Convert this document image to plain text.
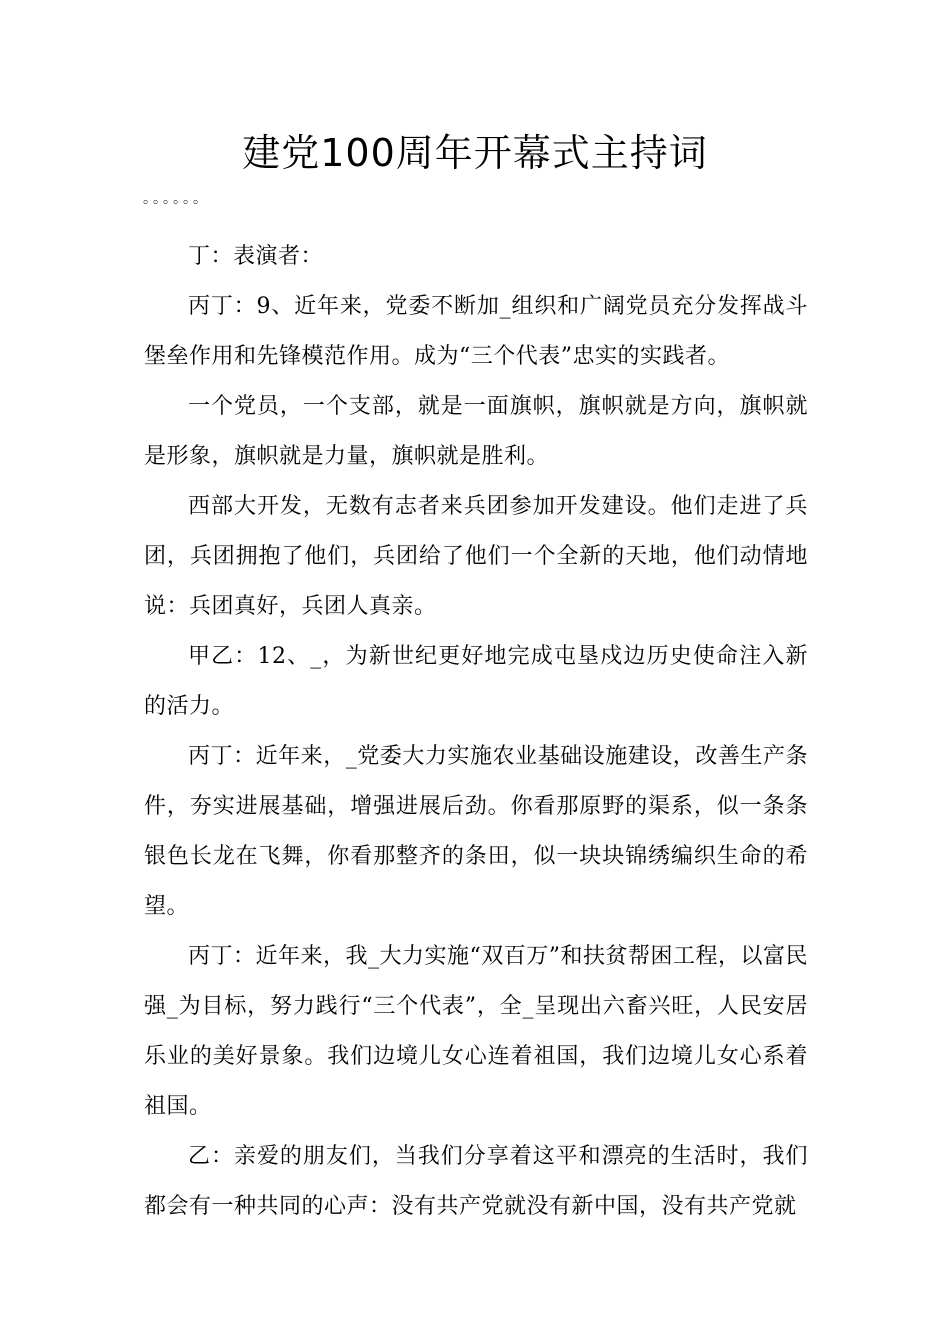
建党100周年开幕式主持词
。。。。。。

丁：表演者：

丙丁：9、近年来，党委不断加_组织和广阔党员充分发挥战斗堡垒作用和先锋模范作用。成为“三个代表”忠实的实践者。

一个党员，一个支部，就是一面旗帜，旗帜就是方向，旗帜就是形象，旗帜就是力量，旗帜就是胜利。

西部大开发，无数有志者来兵团参加开发建设。他们走进了兵团，兵团拥抱了他们，兵团给了他们一个全新的天地，他们动情地说：兵团真好，兵团人真亲。

甲乙：12、_，为新世纪更好地完成屯垦戍边历史使命注入新的活力。

丙丁：近年来，_党委大力实施农业基础设施建设，改善生产条件，夯实进展基础，增强进展后劲。你看那原野的渠系，似一条条银色长龙在飞舞，你看那整齐的条田，似一块块锦绣编织生命的希望。

丙丁：近年来，我_大力实施“双百万”和扶贫帮困工程，以富民强_为目标，努力践行“三个代表”，全_呈现出六畜兴旺，人民安居乐业的美好景象。我们边境儿女心连着祖国，我们边境儿女心系着祖国。

乙：亲爱的朋友们，当我们分享着这平和漂亮的生活时，我们都会有一种共同的心声：没有共产党就没有新中国，没有共产党就
